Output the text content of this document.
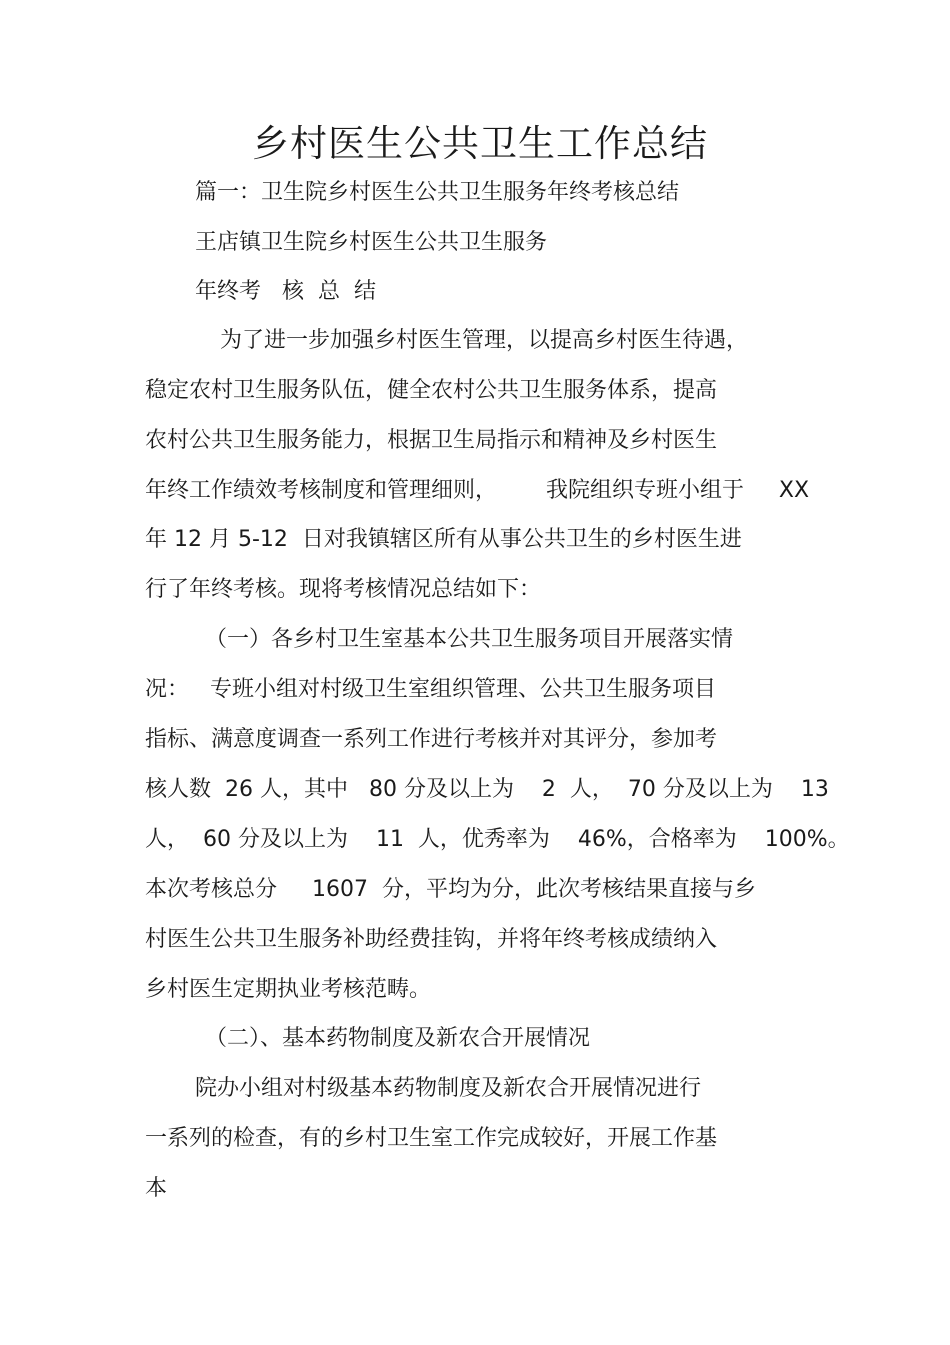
乡村医生公共卫生工作总结

篇一：卫生院乡村医生公共卫生服务年终考核总结

王店镇卫生院乡村医生公共卫生服务

年终考   核  总  结

为了进一步加强乡村医生管理，以提高乡村医生待遇，

稳定农村卫生服务队伍，健全农村公共卫生服务体系，提高

农村公共卫生服务能力，根据卫生局指示和精神及乡村医生

年终工作绩效考核制度和管理细则，       我院组织专班小组于     XX

年 12 月 5-12  日对我镇辖区所有从事公共卫生的乡村医生进

行了年终考核。现将考核情况总结如下：

（一）各乡村卫生室基本公共卫生服务项目开展落实情

况：   专班小组对村级卫生室组织管理、公共卫生服务项目

指标、满意度调查一系列工作进行考核并对其评分，参加考

核人数  26 人，其中   80 分及以上为    2  人，  70 分及以上为    13

人，  60 分及以上为    11  人，优秀率为    46%，合格率为    100%。

本次考核总分     1607  分，平均为分，此次考核结果直接与乡

村医生公共卫生服务补助经费挂钩，并将年终考核成绩纳入

乡村医生定期执业考核范畴。

（二）、基本药物制度及新农合开展情况

院办小组对村级基本药物制度及新农合开展情况进行

一系列的检查，有的乡村卫生室工作完成较好，开展工作基

本
